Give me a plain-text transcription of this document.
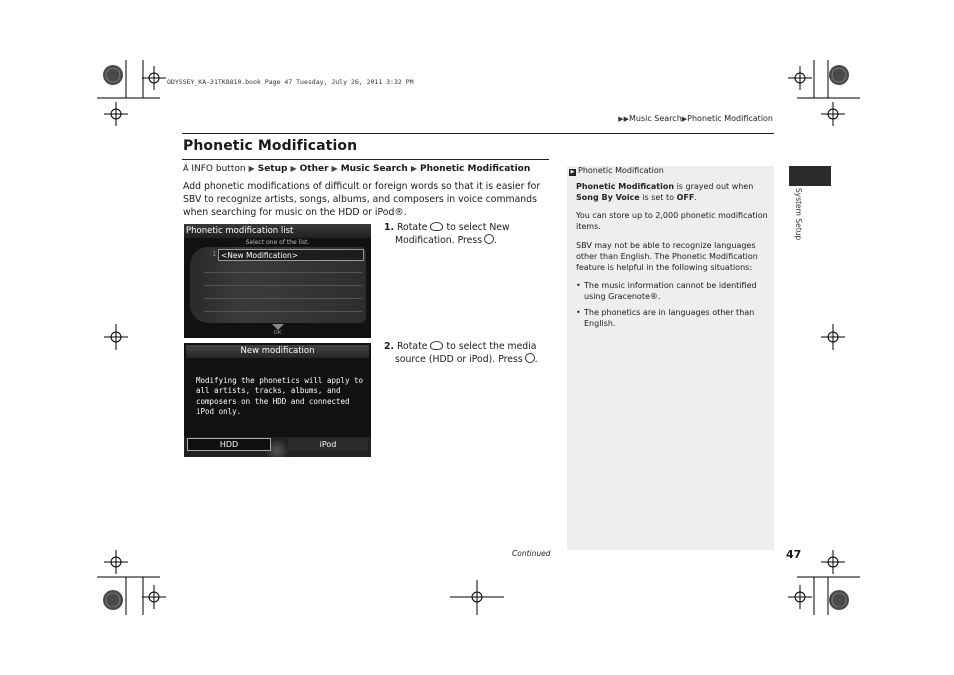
ODYSSEY_KA-31TK8810.book Page 47 Tuesday, July 26, 2011 3:32 PM
▶▶Music Search▶Phonetic Modification
Phonetic Modification
Ӓ INFO button ▶ Setup ▶ Other ▶ Music Search ▶ Phonetic Modification
Add phonetic modifications of difficult or foreign words so that it is easier for SBV to recognize artists, songs, albums, and composers in voice commands when searching for music on the HDD or iPod®.
1. Rotate to select New Modification. Press .
2. Rotate to select the media source (HDD or iPod). Press .
Phonetic modification list
Select one of the list.
1 <New Modification>
OK
New modification
Modifying the phonetics will apply to all artists, tracks, albums, and composers on the HDD and connected iPod only.
HDD	iPod
▶ Phonetic Modification
Phonetic Modification is grayed out when Song By Voice is set to OFF.
You can store up to 2,000 phonetic modification items.
SBV may not be able to recognize languages other than English. The Phonetic Modification feature is helpful in the following situations:
• The music information cannot be identified using Gracenote®.
• The phonetics are in languages other than English.
System Setup
Continued	47
